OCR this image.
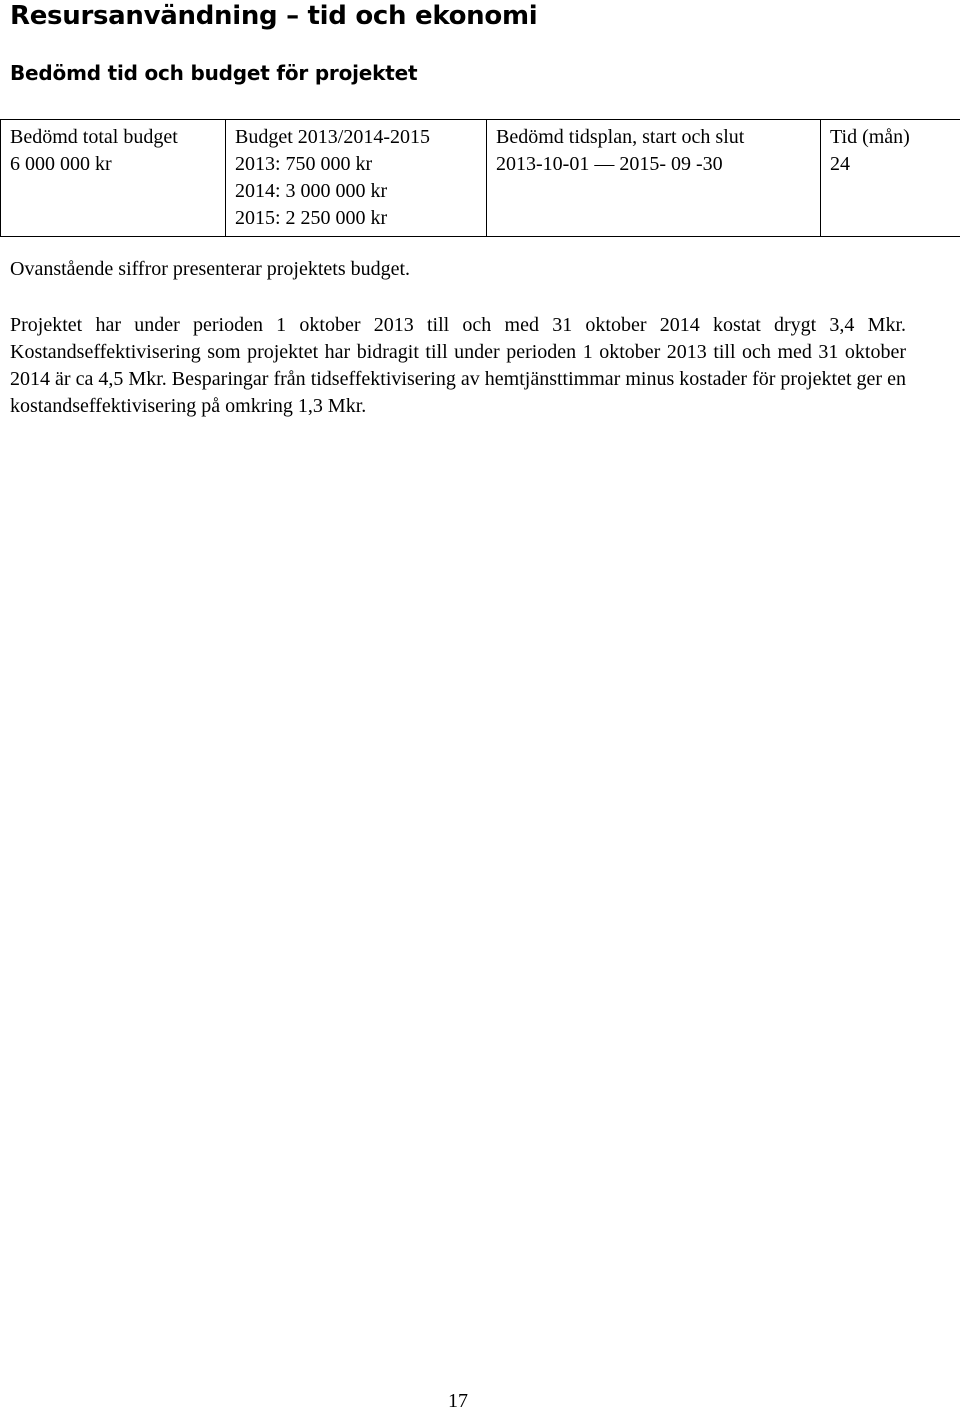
Resursanvändning – tid och ekonomi
Bedömd tid och budget för projektet
Bedömd total budget
6 000 000 kr

Budget 2013/2014-2015
2013: 750 000 kr
2014: 3 000 000 kr
2015: 2 250 000 kr

Bedömd tidsplan, start och slut
2013-10-01 — 2015- 09 -30

Tid (mån)
24
Ovanstående siffror presenterar projektets budget.
Projektet har under perioden 1 oktober 2013 till och med 31 oktober 2014 kostat drygt 3,4 Mkr. Kostandseffektivisering som projektet har bidragit till under perioden 1 oktober 2013 till och med 31 oktober 2014 är ca 4,5 Mkr. Besparingar från tidseffektivisering av hemtjänsttimmar minus kostader för projektet ger en kostandseffektivisering på omkring 1,3 Mkr.
17
